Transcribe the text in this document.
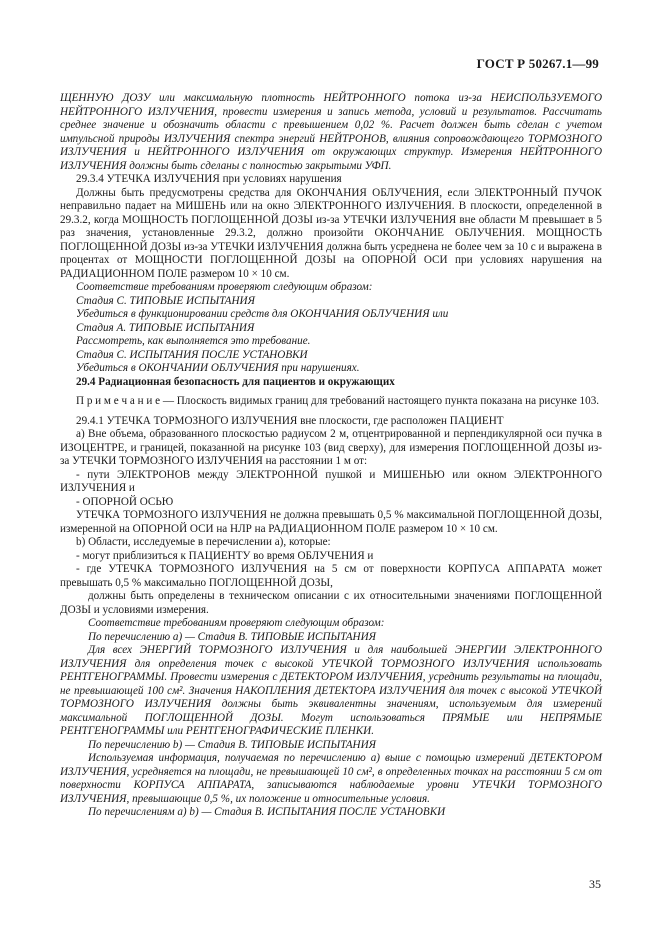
ГОСТ Р 50267.1—99

ЩЕННУЮ ДОЗУ или максимальную плотность НЕЙТРОННОГО потока из-за НЕИСПОЛЬЗУЕМОГО НЕЙТРОННОГО ИЗЛУЧЕНИЯ, провести измерения и запись метода, условий и результатов. Рассчитать среднее значение и обозначить области с превышением 0,02 %. Расчет должен быть сделан с учетом импульсной природы ИЗЛУЧЕНИЯ спектра энергий НЕЙТРОНОВ, влияния сопровождающего ТОРМОЗНОГО ИЗЛУЧЕНИЯ и НЕЙТРОННОГО ИЗЛУЧЕНИЯ от окружающих структур. Измерения НЕЙТРОННОГО ИЗЛУЧЕНИЯ должны быть сделаны с полностью закрытыми УФП.

29.3.4 УТЕЧКА ИЗЛУЧЕНИЯ при условиях нарушения

Должны быть предусмотрены средства для ОКОНЧАНИЯ ОБЛУЧЕНИЯ, если ЭЛЕКТРОННЫЙ ПУЧОК неправильно падает на МИШЕНЬ или на окно ЭЛЕКТРОННОГО ИЗЛУЧЕНИЯ. В плоскости, определенной в 29.3.2, когда МОЩНОСТЬ ПОГЛОЩЕННОЙ ДОЗЫ из-за УТЕЧКИ ИЗЛУЧЕНИЯ вне области M превышает в 5 раз значения, установленные 29.3.2, должно произойти ОКОНЧАНИЕ ОБЛУЧЕНИЯ. МОЩНОСТЬ ПОГЛОЩЕННОЙ ДОЗЫ из-за УТЕЧКИ ИЗЛУЧЕНИЯ должна быть усреднена не более чем за 10 с и выражена в процентах от МОЩНОСТИ ПОГЛОЩЕННОЙ ДОЗЫ на ОПОРНОЙ ОСИ при условиях нарушения на РАДИАЦИОННОМ ПОЛЕ размером 10 × 10 см.

Соответствие требованиям проверяют следующим образом:

Стадия С. ТИПОВЫЕ ИСПЫТАНИЯ

Убедиться в функционировании средств для ОКОНЧАНИЯ ОБЛУЧЕНИЯ или

Стадия А. ТИПОВЫЕ ИСПЫТАНИЯ

Рассмотреть, как выполняется это требование.

Стадия С. ИСПЫТАНИЯ ПОСЛЕ УСТАНОВКИ

Убедиться в ОКОНЧАНИИ ОБЛУЧЕНИЯ при нарушениях.

29.4 Радиационная безопасность для пациентов и окружающих

П р и м е ч а н и е — Плоскость видимых границ для требований настоящего пункта показана на рисунке 103.

29.4.1 УТЕЧКА ТОРМОЗНОГО ИЗЛУЧЕНИЯ вне плоскости, где расположен ПАЦИЕНТ

а) Вне объема, образованного плоскостью радиусом 2 м, отцентрированной и перпендикулярной оси пучка в ИЗОЦЕНТРЕ, и границей, показанной на рисунке 103 (вид сверху), для измерения ПОГЛОЩЕННОЙ ДОЗЫ из-за УТЕЧКИ ТОРМОЗНОГО ИЗЛУЧЕНИЯ на расстоянии 1 м от:

- пути ЭЛЕКТРОНОВ между ЭЛЕКТРОННОЙ пушкой и МИШЕНЬЮ или окном ЭЛЕКТРОННОГО ИЗЛУЧЕНИЯ и

- ОПОРНОЙ ОСЬЮ

УТЕЧКА ТОРМОЗНОГО ИЗЛУЧЕНИЯ не должна превышать 0,5 % максимальной ПОГЛОЩЕННОЙ ДОЗЫ, измеренной на ОПОРНОЙ ОСИ на НЛР на РАДИАЦИОННОМ ПОЛЕ размером 10 × 10 см.

b) Области, исследуемые в перечислении а), которые:

- могут приблизиться к ПАЦИЕНТУ во время ОБЛУЧЕНИЯ и

- где УТЕЧКА ТОРМОЗНОГО ИЗЛУЧЕНИЯ на 5 см от поверхности КОРПУСА АППАРАТА может превышать 0,5 % максимально ПОГЛОЩЕННОЙ ДОЗЫ,

должны быть определены в техническом описании с их относительными значениями ПОГЛОЩЕННОЙ ДОЗЫ и условиями измерения.

Соответствие требованиям проверяют следующим образом:

По перечислению а) — Стадия В. ТИПОВЫЕ ИСПЫТАНИЯ

Для всех ЭНЕРГИЙ ТОРМОЗНОГО ИЗЛУЧЕНИЯ и для наибольшей ЭНЕРГИИ ЭЛЕКТРОННОГО ИЗЛУЧЕНИЯ для определения точек с высокой УТЕЧКОЙ ТОРМОЗНОГО ИЗЛУЧЕНИЯ использовать РЕНТГЕНОГРАММЫ. Провести измерения с ДЕТЕКТОРОМ ИЗЛУЧЕНИЯ, усреднить результаты на площади, не превышающей 100 см². Значения НАКОПЛЕНИЯ ДЕТЕКТОРА ИЗЛУЧЕНИЯ для точек с высокой УТЕЧКОЙ ТОРМОЗНОГО ИЗЛУЧЕНИЯ должны быть эквивалентны значениям, используемым для измерений максимальной ПОГЛОЩЕННОЙ ДОЗЫ. Могут использоваться ПРЯМЫЕ или НЕПРЯМЫЕ РЕНТГЕНОГРАММЫ или РЕНТГЕНОГРАФИЧЕСКИЕ ПЛЕНКИ.

По перечислению b) — Стадия В. ТИПОВЫЕ ИСПЫТАНИЯ

Используемая информация, получаемая по перечислению а) выше с помощью измерений ДЕТЕКТОРОМ ИЗЛУЧЕНИЯ, усредняется на площади, не превышающей 10 см², в определенных точках на расстоянии 5 см от поверхности КОРПУСА АППАРАТА, записываются наблюдаемые уровни УТЕЧКИ ТОРМОЗНОГО ИЗЛУЧЕНИЯ, превышающие 0,5 %, их положение и относительные условия.

По перечислениям а) b) — Стадия В. ИСПЫТАНИЯ ПОСЛЕ УСТАНОВКИ

35
